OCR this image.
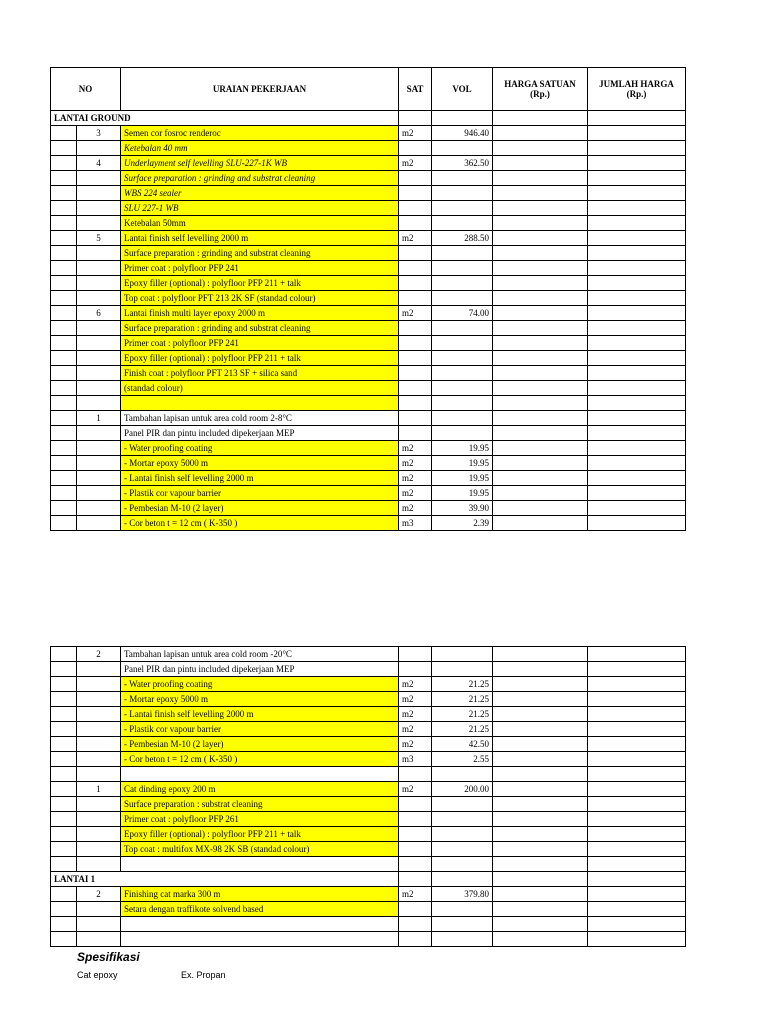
NO		URAIAN PEKERJAAN	SAT	VOL	HARGA SATUAN (Rp.)	JUMLAH HARGA (Rp.)
LANTAI GROUND						
	3	Semen cor fosroc renderoc	m2	946.40		
		Ketebalan 40 mm				
	4	Underlayment self levelling SLU-227-1K WB	m2	362.50		
		Surface preparation : grinding and substrat cleaning				
		WBS 224 sealer				
		SLU 227-1 WB				
		Ketebalan 50mm				
	5	Lantai finish self levelling 2000 m	m2	288.50		
		Surface preparation : grinding and substrat cleaning				
		Primer coat : polyfloor PFP 241				
		Epoxy filler (optional) : polyfloor PFP 211 + talk				
		Top coat : polyfloor PFT 213 2K SF (standad colour)				
	6	Lantai finish multi layer epoxy 2000 m	m2	74.00		
		Surface preparation : grinding and substrat cleaning				
		Primer coat : polyfloor PFP 241				
		Epoxy filler (optional) : polyfloor PFP 211 + talk				
		Finish coat : polyfloor PFT 213 SF + silica sand				
		(standad colour)				

	1	Tambahan lapisan untuk area cold room 2-8°C				
		Panel PIR dan pintu included dipekerjaan MEP				
		- Water proofing coating	m2	19.95		
		- Mortar epoxy 5000 m	m2	19.95		
		- Lantai finish self levelling 2000 m	m2	19.95		
		- Plastik cor vapour barrier	m2	19.95		
		- Pembesian M-10 (2 layer)	m2	39.90		
		- Cor beton t = 12 cm ( K-350 )	m3	2.39		
	2	Tambahan lapisan untuk area cold room -20°C				
		Panel PIR dan pintu included dipekerjaan MEP				
		- Water proofing coating	m2	21.25		
		- Mortar epoxy 5000 m	m2	21.25		
		- Lantai finish self levelling 2000 m	m2	21.25		
		- Plastik cor vapour barrier	m2	21.25		
		- Pembesian M-10 (2 layer)	m2	42.50		
		- Cor beton t = 12 cm ( K-350 )	m3	2.55		

	1	Cat dinding epoxy 200 m	m2	200.00		
		Surface preparation : substrat cleaning				
		Primer coat : polyfloor PFP 261				
		Epoxy filler (optional) : polyfloor PFP 211 + talk				
		Top coat : multifox MX-98 2K SB (standad colour)				

LANTAI 1						
	2	Finishing cat marka 300 m	m2	379.80		
		Setara dengan traffikote solvend based				

Spesifikasi
Cat epoxy	Ex. Propan
